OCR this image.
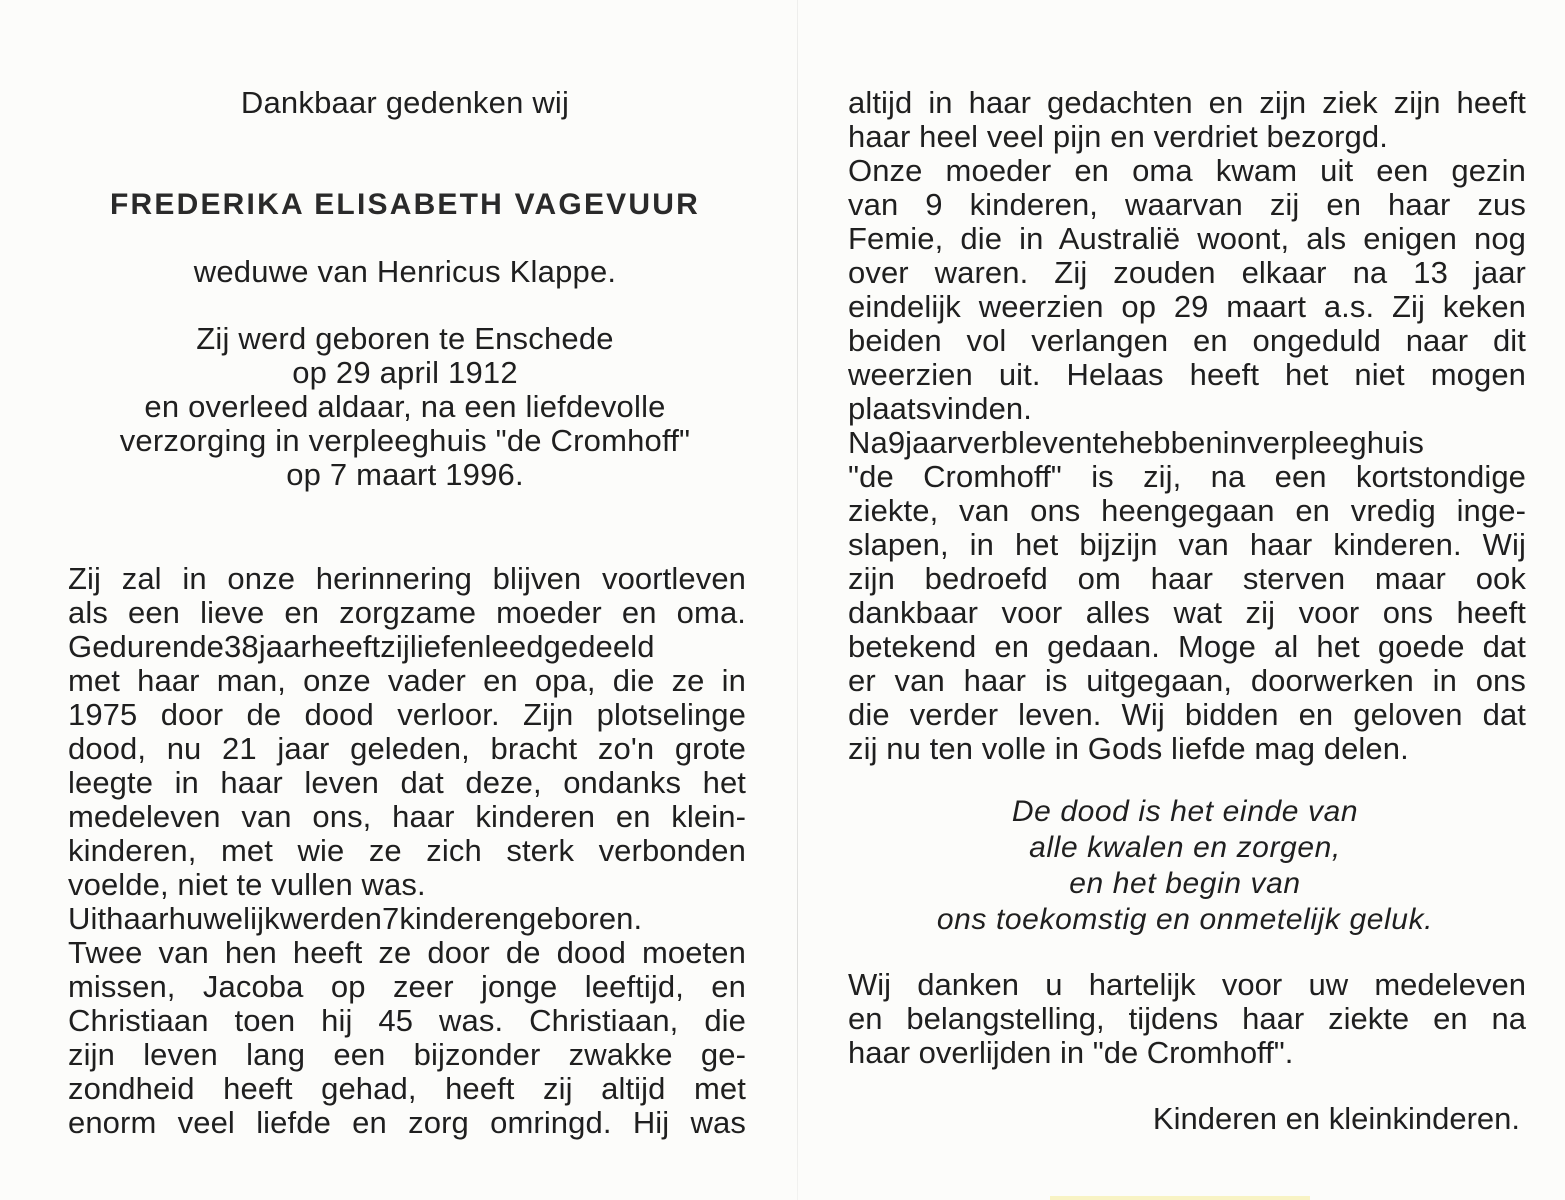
Dankbaar gedenken wij
FREDERIKA ELISABETH VAGEVUUR
weduwe van Henricus Klappe.
Zij werd geboren te Enschede
op 29 april 1912
en overleed aldaar, na een liefdevolle
verzorging in verpleeghuis "de Cromhoff"
op 7 maart 1996.
Zij zal in onze herinnering blijven voortleven
als een lieve en zorgzame moeder en oma.
Gedurende38jaarheeftzijliefenleedgedeeld
met haar man, onze vader en opa, die ze in
1975 door de dood verloor. Zijn plotselinge
dood, nu 21 jaar geleden, bracht zo'n grote
leegte in haar leven dat deze, ondanks het
medeleven van ons, haar kinderen en klein-
kinderen, met wie ze zich sterk verbonden
voelde, niet te vullen was.
Uithaarhuwelijkwerden7kinderengeboren.
Twee van hen heeft ze door de dood moeten
missen, Jacoba op zeer jonge leeftijd, en
Christiaan toen hij 45 was. Christiaan, die
zijn leven lang een bijzonder zwakke ge-
zondheid heeft gehad, heeft zij altijd met
enorm veel liefde en zorg omringd. Hij was
altijd in haar gedachten en zijn ziek zijn heeft
haar heel veel pijn en verdriet bezorgd.
Onze moeder en oma kwam uit een gezin
van 9 kinderen, waarvan zij en haar zus
Femie, die in Australië woont, als enigen nog
over waren. Zij zouden elkaar na 13 jaar
eindelijk weerzien op 29 maart a.s. Zij keken
beiden vol verlangen en ongeduld naar dit
weerzien uit. Helaas heeft het niet mogen
plaatsvinden.
Na9jaarverbleventehebbeninverpleeghuis
"de Cromhoff" is zij, na een kortstondige
ziekte, van ons heengegaan en vredig inge-
slapen, in het bijzijn van haar kinderen. Wij
zijn bedroefd om haar sterven maar ook
dankbaar voor alles wat zij voor ons heeft
betekend en gedaan. Moge al het goede dat
er van haar is uitgegaan, doorwerken in ons
die verder leven. Wij bidden en geloven dat
zij nu ten volle in Gods liefde mag delen.
De dood is het einde van
alle kwalen en zorgen,
en het begin van
ons toekomstig en onmetelijk geluk.
Wij danken u hartelijk voor uw medeleven
en belangstelling, tijdens haar ziekte en na
haar overlijden in "de Cromhoff".
Kinderen en kleinkinderen.
